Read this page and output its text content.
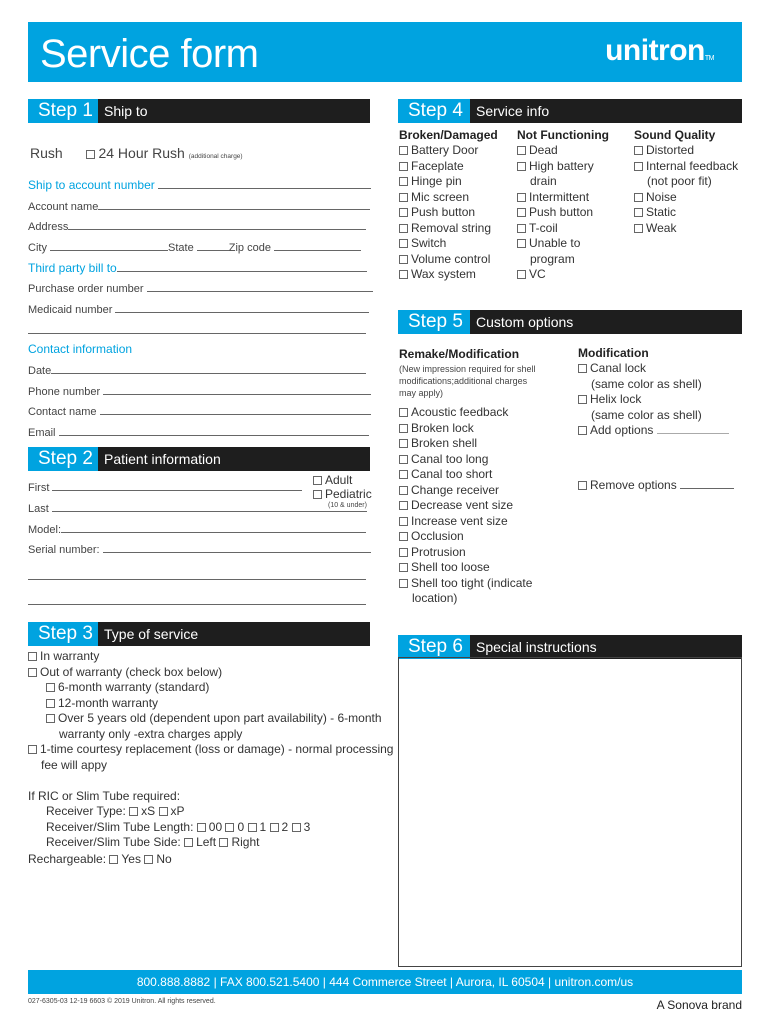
Service form	unitronTM
Step 1 Ship to
Rush	24 Hour Rush (additional charge)
Ship to account number
Account name
Address
City	State	Zip code
Third party bill to
Purchase order number
Medicaid number
Contact information
Date
Phone number
Contact name
Email
Step 2 Patient information
First
Last
Adult
Pediatric
(10 & under)
Model:
Serial number:
Step 3 Type of service
In warranty
Out of warranty (check box below)
6-month warranty (standard)
12-month warranty
Over 5 years old (dependent upon part availability) - 6-month
warranty only -extra charges apply
1-time courtesy replacement (loss or damage) - normal processing
fee will appy
If RIC or Slim Tube required:
Receiver Type: xS xP
Receiver/Slim Tube Length: 00 0 1 2 3
Receiver/Slim Tube Side: Left Right
Rechargeable: Yes No
Step 4 Service info
Broken/Damaged
Battery Door
Faceplate
Hinge pin
Mic screen
Push button
Removal string
Switch
Volume control
Wax system
Not Functioning
Dead
High battery
drain
Intermittent
Push button
T-coil
Unable to
program
VC
Sound Quality
Distorted
Internal feedback
(not poor fit)
Noise
Static
Weak
Step 5 Custom options
Remake/Modification
(New impression required for shell
modifications;additional charges
may apply)
Acoustic feedback
Broken lock
Broken shell
Canal too long
Canal too short
Change receiver
Decrease vent size
Increase vent size
Occlusion
Protrusion
Shell too loose
Shell too tight (indicate
location)
Modification
Canal lock
(same color as shell)
Helix lock
(same color as shell)
Add options
Remove options
Step 6 Special instructions
800.888.8882 | FAX 800.521.5400 | 444 Commerce Street | Aurora, IL 60504 | unitron.com/us
027-6305-03 12-19 6603 © 2019 Unitron. All rights reserved.	A Sonova brand
